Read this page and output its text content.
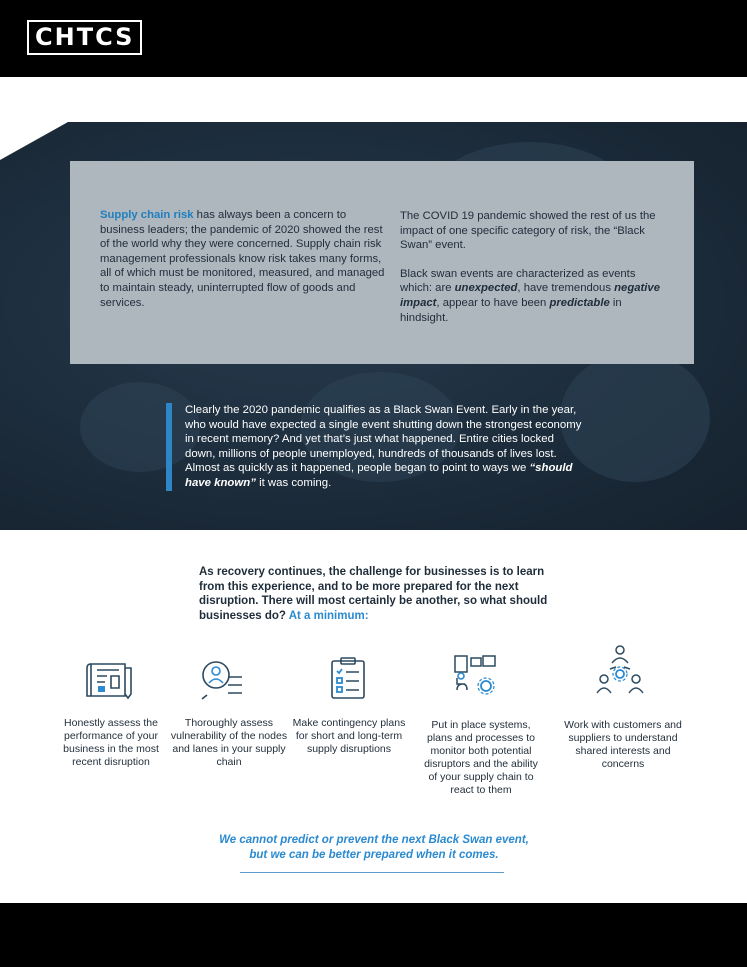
CHTCS
Supply chain risk has always been a concern to business leaders; the pandemic of 2020 showed the rest of the world why they were concerned. Supply chain risk management professionals know risk takes many forms, all of which must be monitored, measured, and managed to maintain steady, uninterrupted flow of goods and services.

The COVID 19 pandemic showed the rest of us the impact of one specific category of risk, the “Black Swan” event.

Black swan events are characterized as events which: are unexpected, have tremendous negative impact, appear to have been predictable in hindsight.

Clearly the 2020 pandemic qualifies as a Black Swan Event. Early in the year, who would have expected a single event shutting down the strongest economy in recent memory? And yet that’s just what happened. Entire cities locked down, millions of people unemployed, hundreds of thousands of lives lost. Almost as quickly as it happened, people began to point to ways we “should have known” it was coming.
As recovery continues, the challenge for businesses is to learn from this experience, and to be more prepared for the next disruption. There will most certainly be another, so what should businesses do? At a minimum:
Honestly assess the performance of your business in the most recent disruption
Thoroughly assess vulnerability of the nodes and lanes in your supply chain
Make contingency plans for short and long-term supply disruptions
Put in place systems, plans and processes to monitor both potential disruptors and the ability of your supply chain to react to them
Work with customers and suppliers to understand shared interests and concerns
We cannot predict or prevent the next Black Swan event,
but we can be better prepared when it comes.
